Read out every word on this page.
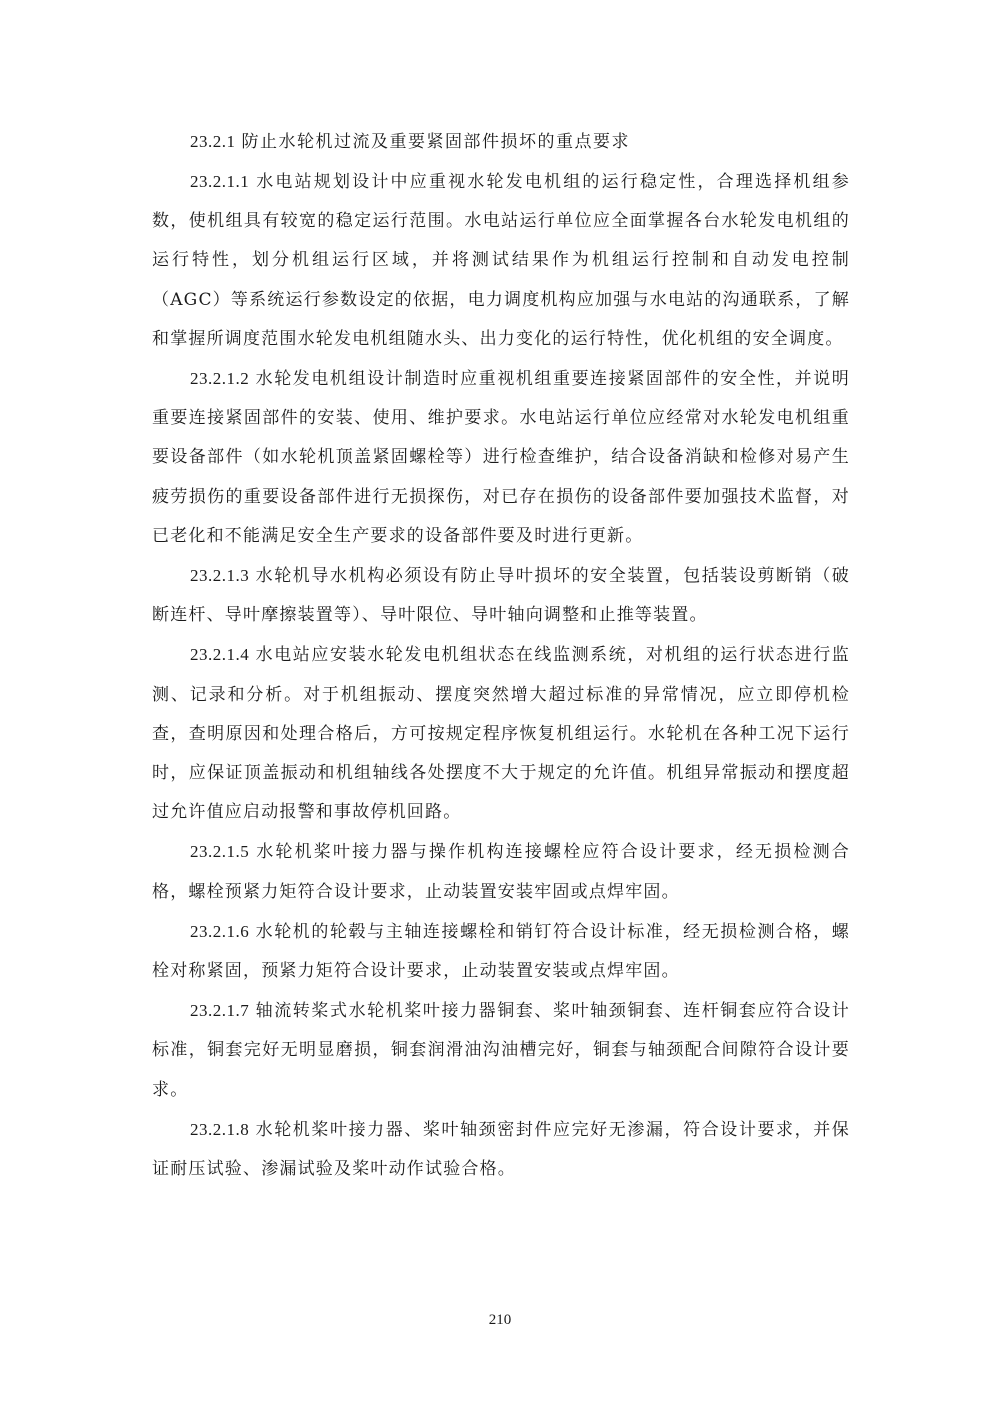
23.2.1 防止水轮机过流及重要紧固部件损坏的重点要求

23.2.1.1 水电站规划设计中应重视水轮发电机组的运行稳定性，合理选择机组参数，使机组具有较宽的稳定运行范围。水电站运行单位应全面掌握各台水轮发电机组的运行特性，划分机组运行区域，并将测试结果作为机组运行控制和自动发电控制（AGC）等系统运行参数设定的依据，电力调度机构应加强与水电站的沟通联系，了解和掌握所调度范围水轮发电机组随水头、出力变化的运行特性，优化机组的安全调度。

23.2.1.2 水轮发电机组设计制造时应重视机组重要连接紧固部件的安全性，并说明重要连接紧固部件的安装、使用、维护要求。水电站运行单位应经常对水轮发电机组重要设备部件（如水轮机顶盖紧固螺栓等）进行检查维护，结合设备消缺和检修对易产生疲劳损伤的重要设备部件进行无损探伤，对已存在损伤的设备部件要加强技术监督，对已老化和不能满足安全生产要求的设备部件要及时进行更新。

23.2.1.3 水轮机导水机构必须设有防止导叶损坏的安全装置，包括装设剪断销（破断连杆、导叶摩擦装置等）、导叶限位、导叶轴向调整和止推等装置。

23.2.1.4 水电站应安装水轮发电机组状态在线监测系统，对机组的运行状态进行监测、记录和分析。对于机组振动、摆度突然增大超过标准的异常情况，应立即停机检查，查明原因和处理合格后，方可按规定程序恢复机组运行。水轮机在各种工况下运行时，应保证顶盖振动和机组轴线各处摆度不大于规定的允许值。机组异常振动和摆度超过允许值应启动报警和事故停机回路。

23.2.1.5 水轮机桨叶接力器与操作机构连接螺栓应符合设计要求，经无损检测合格，螺栓预紧力矩符合设计要求，止动装置安装牢固或点焊牢固。

23.2.1.6 水轮机的轮毂与主轴连接螺栓和销钉符合设计标准，经无损检测合格，螺栓对称紧固，预紧力矩符合设计要求，止动装置安装或点焊牢固。

23.2.1.7 轴流转桨式水轮机桨叶接力器铜套、桨叶轴颈铜套、连杆铜套应符合设计标准，铜套完好无明显磨损，铜套润滑油沟油槽完好，铜套与轴颈配合间隙符合设计要求。

23.2.1.8 水轮机桨叶接力器、桨叶轴颈密封件应完好无渗漏，符合设计要求，并保证耐压试验、渗漏试验及桨叶动作试验合格。

210
